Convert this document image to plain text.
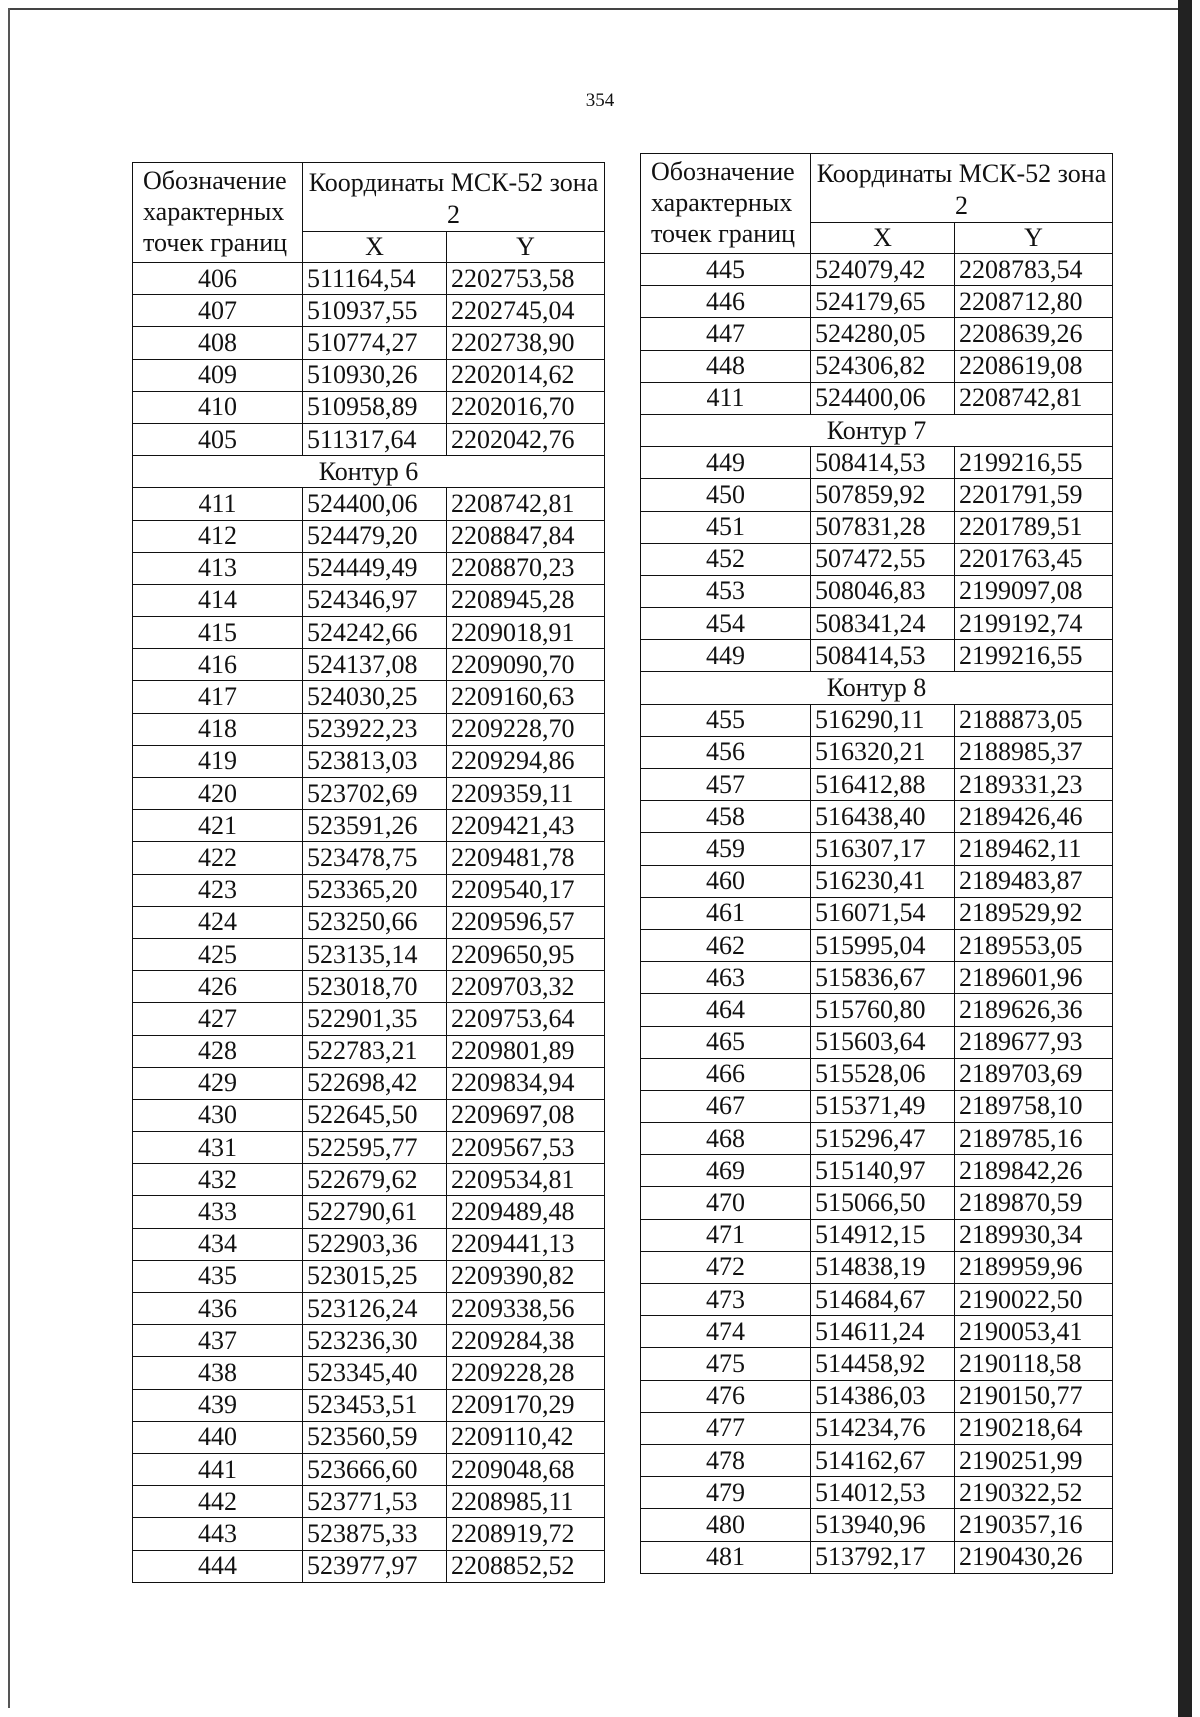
354
Обозначение характерных точек границ	Координаты МСК-52 зона 2	
	X	Y
406	511164,54	2202753,58
407	510937,55	2202745,04
408	510774,27	2202738,90
409	510930,26	2202014,62
410	510958,89	2202016,70
405	511317,64	2202042,76
Контур 6		
411	524400,06	2208742,81
412	524479,20	2208847,84
413	524449,49	2208870,23
414	524346,97	2208945,28
415	524242,66	2209018,91
416	524137,08	2209090,70
417	524030,25	2209160,63
418	523922,23	2209228,70
419	523813,03	2209294,86
420	523702,69	2209359,11
421	523591,26	2209421,43
422	523478,75	2209481,78
423	523365,20	2209540,17
424	523250,66	2209596,57
425	523135,14	2209650,95
426	523018,70	2209703,32
427	522901,35	2209753,64
428	522783,21	2209801,89
429	522698,42	2209834,94
430	522645,50	2209697,08
431	522595,77	2209567,53
432	522679,62	2209534,81
433	522790,61	2209489,48
434	522903,36	2209441,13
435	523015,25	2209390,82
436	523126,24	2209338,56
437	523236,30	2209284,38
438	523345,40	2209228,28
439	523453,51	2209170,29
440	523560,59	2209110,42
441	523666,60	2209048,68
442	523771,53	2208985,11
443	523875,33	2208919,72
444	523977,97	2208852,52
Обозначение характерных точек границ	Координаты МСК-52 зона 2	
	X	Y
445	524079,42	2208783,54
446	524179,65	2208712,80
447	524280,05	2208639,26
448	524306,82	2208619,08
411	524400,06	2208742,81
Контур 7		
449	508414,53	2199216,55
450	507859,92	2201791,59
451	507831,28	2201789,51
452	507472,55	2201763,45
453	508046,83	2199097,08
454	508341,24	2199192,74
449	508414,53	2199216,55
Контур 8		
455	516290,11	2188873,05
456	516320,21	2188985,37
457	516412,88	2189331,23
458	516438,40	2189426,46
459	516307,17	2189462,11
460	516230,41	2189483,87
461	516071,54	2189529,92
462	515995,04	2189553,05
463	515836,67	2189601,96
464	515760,80	2189626,36
465	515603,64	2189677,93
466	515528,06	2189703,69
467	515371,49	2189758,10
468	515296,47	2189785,16
469	515140,97	2189842,26
470	515066,50	2189870,59
471	514912,15	2189930,34
472	514838,19	2189959,96
473	514684,67	2190022,50
474	514611,24	2190053,41
475	514458,92	2190118,58
476	514386,03	2190150,77
477	514234,76	2190218,64
478	514162,67	2190251,99
479	514012,53	2190322,52
480	513940,96	2190357,16
481	513792,17	2190430,26
